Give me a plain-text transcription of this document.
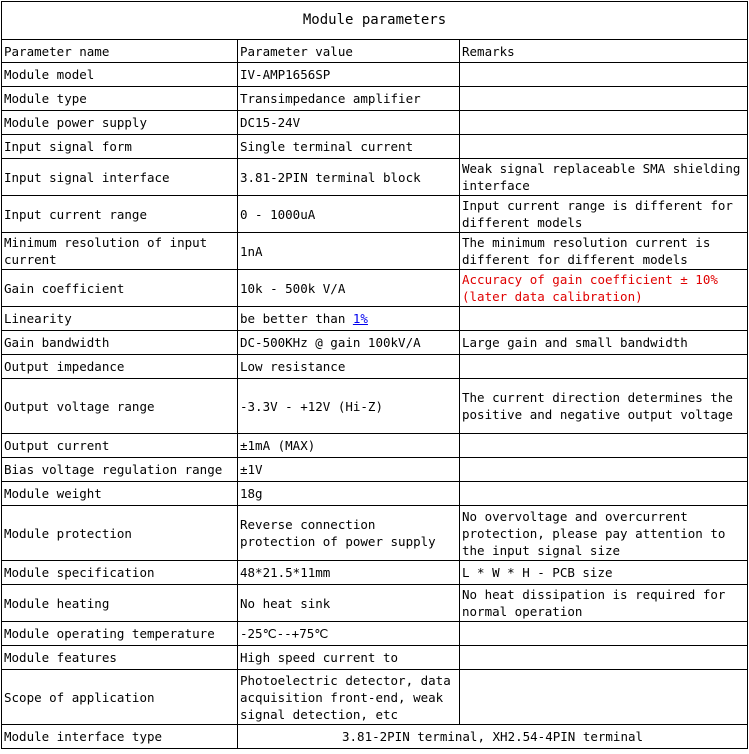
Module parameters		
Parameter name	Parameter value	Remarks
Module model	IV-AMP1656SP	
Module type	Transimpedance amplifier	
Module power supply	DC15-24V	
Input signal form	Single terminal current	
Input signal interface	3.81-2PIN terminal block	Weak signal replaceable SMA shielding interface
Input current range	0 - 1000uA	Input current range is different for different models
Minimum resolution of input current	1nA	The minimum resolution current is different for different models
Gain coefficient	10k - 500k V/A	Accuracy of gain coefficient ± 10% (later data calibration)
Linearity	be better than 1%	
Gain bandwidth	DC-500KHz @ gain 100kV/A	Large gain and small bandwidth
Output impedance	Low resistance	
Output voltage range	-3.3V - +12V (Hi-Z)	The current direction determines the positive and negative output voltage
Output current	±1mA (MAX)	
Bias voltage regulation range	±1V	
Module weight	18g	
Module protection	Reverse connection protection of power supply	No overvoltage and overcurrent protection, please pay attention to the input signal size
Module specification	48*21.5*11mm	L * W * H - PCB size
Module heating	No heat sink	No heat dissipation is required for normal operation
Module operating temperature	-25℃--+75℃	
Module features	High speed current to	
Scope of application	Photoelectric detector, data acquisition front-end, weak signal detection, etc	
Module interface type	3.81-2PIN terminal, XH2.54-4PIN terminal	
